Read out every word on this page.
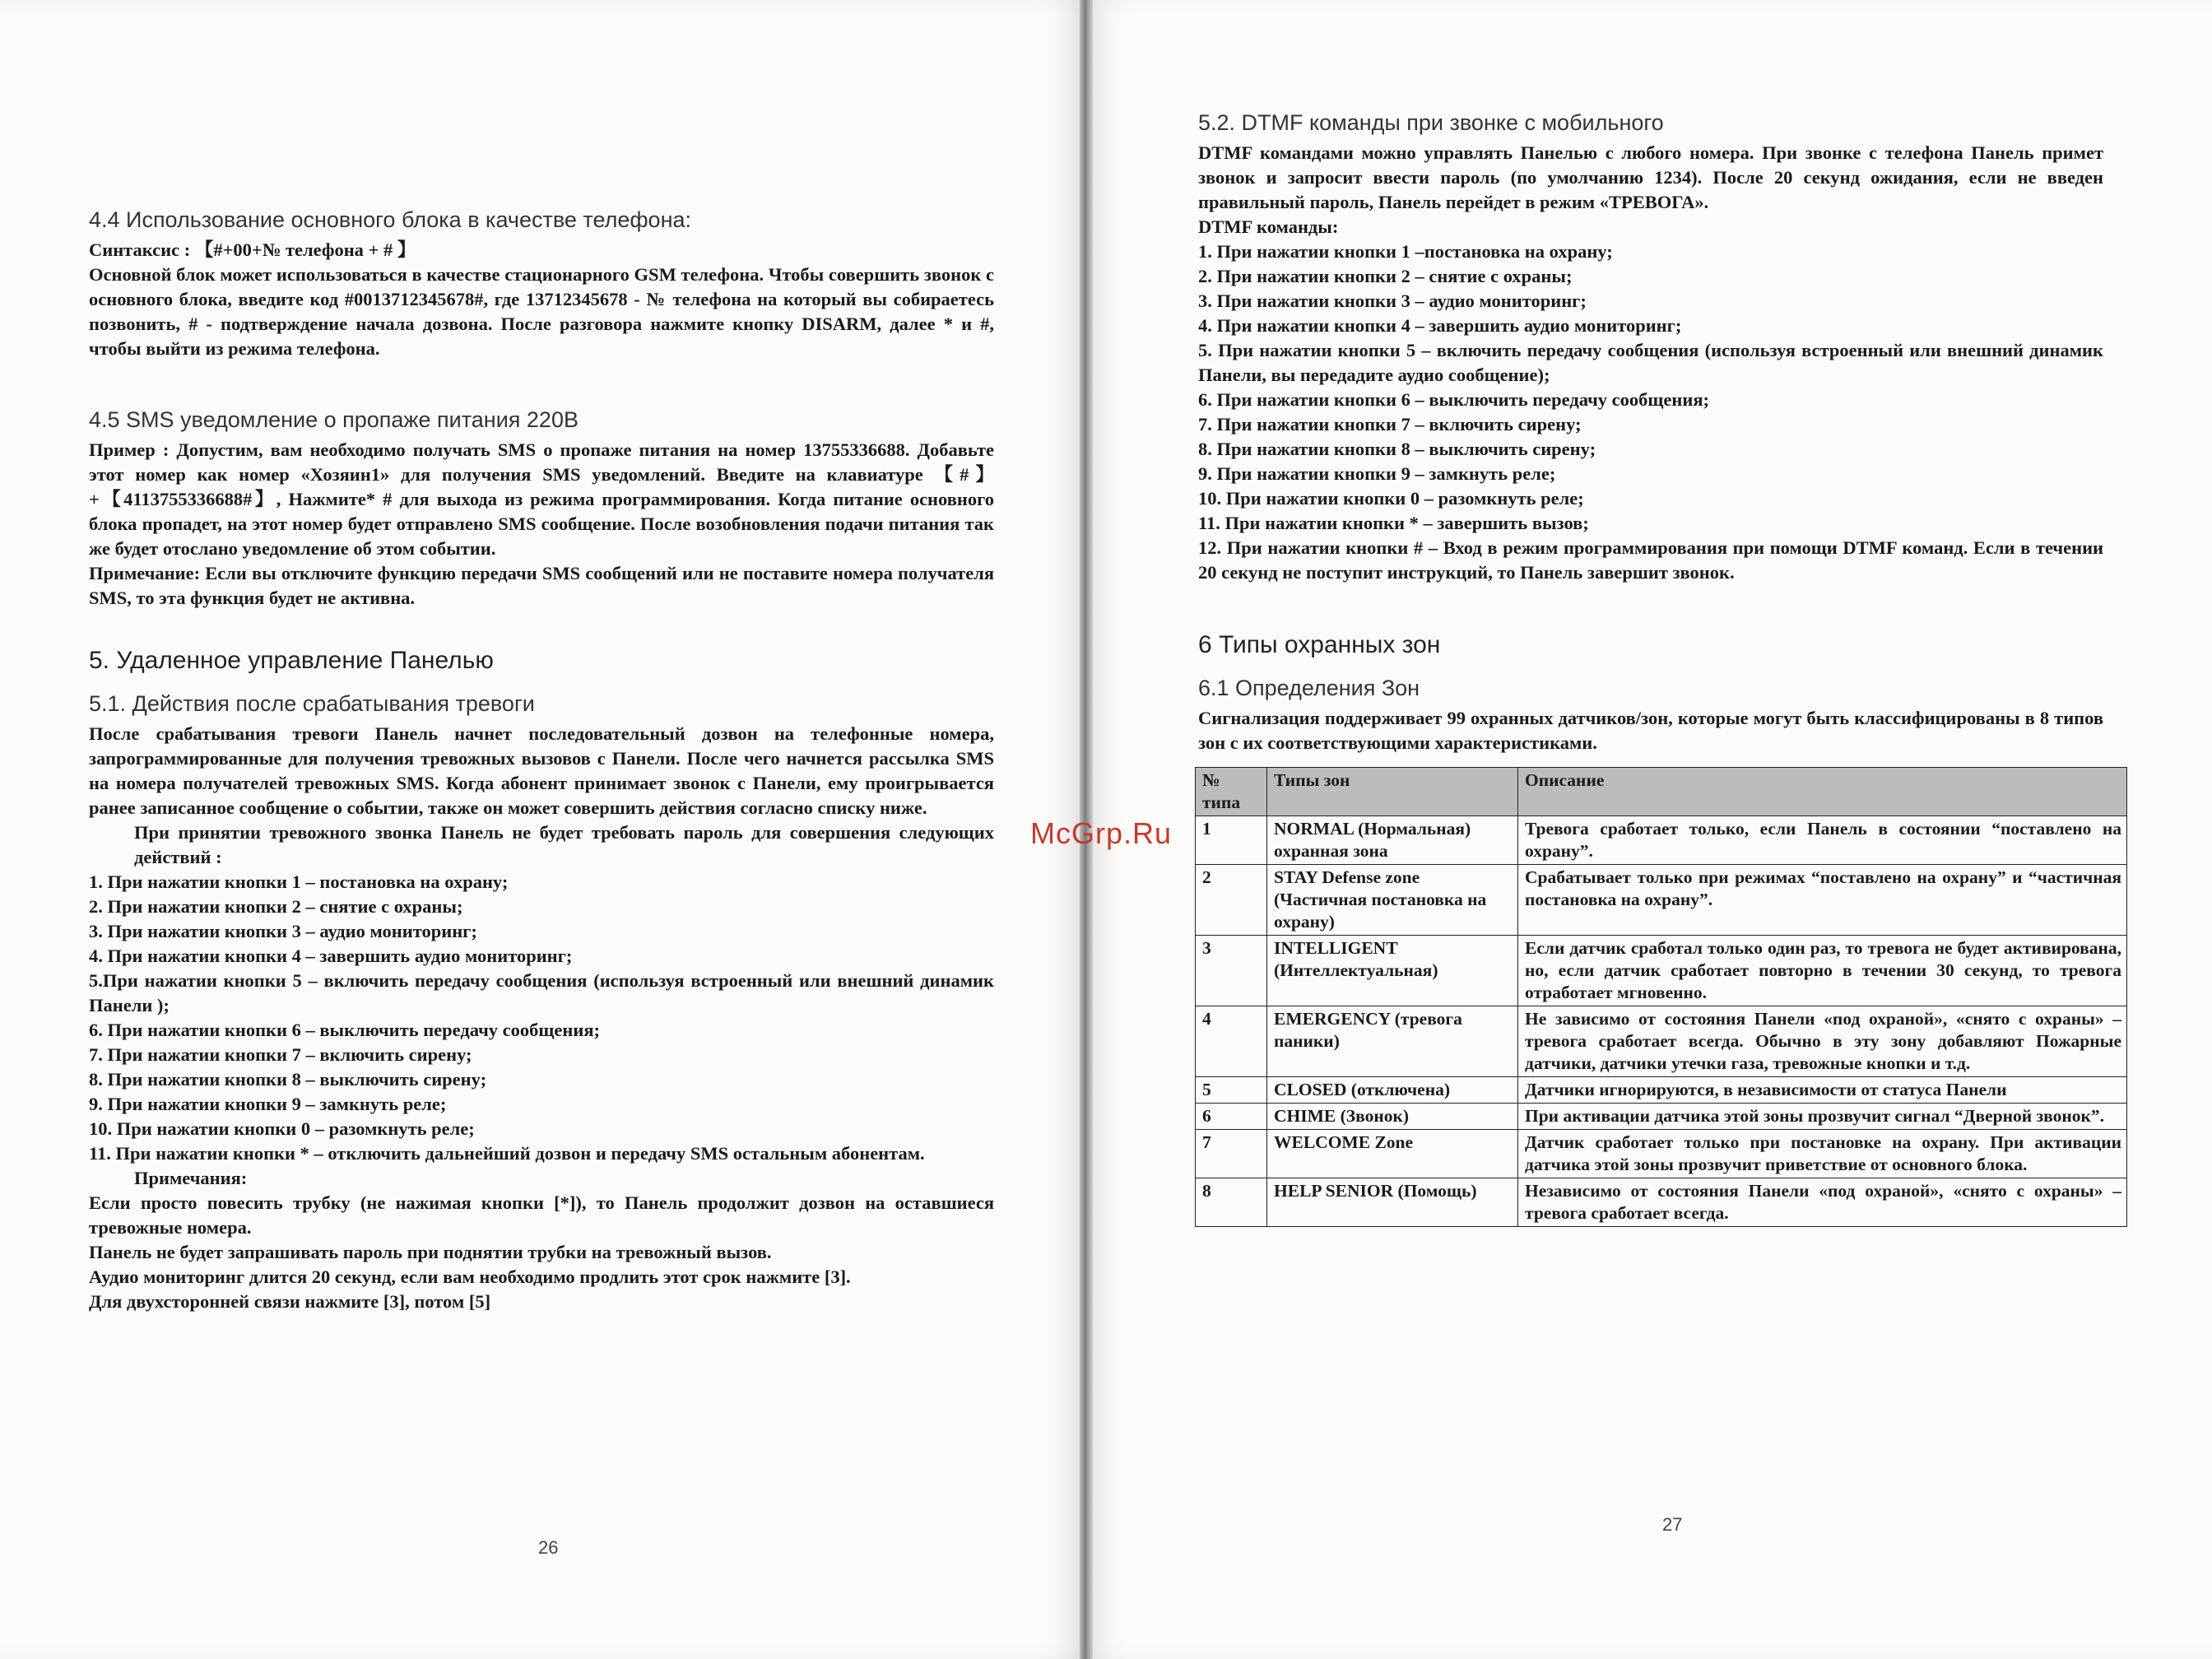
4.4 Использование основного блока в качестве телефона:

Синтаксис : 【#+00+№ телефона + # 】

Основной блок может использоваться в качестве стационарного GSM телефона. Чтобы совершить звонок с основного блока, введите код #0013712345678#, где 13712345678 - № телефона на который вы собираетесь позвонить, # - подтверждение начала дозвона. После разговора нажмите кнопку DISARM, далее * и #, чтобы выйти из режима телефона.

4.5 SMS уведомление о пропаже питания 220В

Пример : Допустим, вам необходимо получать SMS о пропаже питания на номер 13755336688. Добавьте этот номер как номер «Хозяин1» для получения SMS уведомлений. Введите на клавиатуре 【#】+【4113755336688#】, Нажмите* # для выхода из режима программирования. Когда питание основного блока пропадет, на этот номер будет отправлено SMS сообщение. После возобновления подачи питания так же будет отослано уведомление об этом событии.

Примечание: Если вы отключите функцию передачи SMS сообщений или не поставите номера получателя SMS, то эта функция будет не активна.

5. Удаленное управление Панелью
5.1. Действия после срабатывания тревоги

После срабатывания тревоги Панель начнет последовательный дозвон на телефонные номера, запрограммированные для получения тревожных вызовов с Панели. После чего начнется рассылка SMS на номера получателей тревожных SMS. Когда абонент принимает звонок с Панели, ему проигрывается ранее записанное сообщение о событии, также он может совершить действия согласно списку ниже.

При принятии тревожного звонка Панель не будет требовать пароль для совершения следующих действий :

1. При нажатии кнопки 1 – постановка на охрану;
2. При нажатии кнопки 2 – снятие с охраны;
3. При нажатии кнопки 3 – аудио мониторинг;
4. При нажатии кнопки 4 – завершить аудио мониторинг;
5.При нажатии кнопки 5 – включить передачу сообщения (используя встроенный или внешний динамик Панели );
6. При нажатии кнопки 6 – выключить передачу сообщения;
7. При нажатии кнопки 7 – включить сирену;
8. При нажатии кнопки 8 – выключить сирену;
9. При нажатии кнопки 9 – замкнуть реле;
10. При нажатии кнопки 0 – разомкнуть реле;
11. При нажатии кнопки * – отключить дальнейший дозвон и передачу SMS остальным абонентам.

Примечания:

Если просто повесить трубку (не нажимая кнопки [*]), то Панель продолжит дозвон на оставшиеся тревожные номера.

Панель не будет запрашивать пароль при поднятии трубки на тревожный вызов.

Аудио мониторинг длится 20 секунд, если вам необходимо продлить этот срок нажмите [3].

Для двухсторонней связи нажмите [3], потом [5]

26
5.2. DTMF команды при звонке с мобильного

DTMF командами можно управлять Панелью с любого номера. При звонке с телефона Панель примет звонок и запросит ввести пароль (по умолчанию 1234). После 20 секунд ожидания, если не введен правильный пароль, Панель перейдет в режим «ТРЕВОГА».

DTMF команды:

1. При нажатии кнопки 1 –постановка на охрану;
2. При нажатии кнопки 2 – снятие с охраны;
3. При нажатии кнопки 3 – аудио мониторинг;
4. При нажатии кнопки 4 – завершить аудио мониторинг;
5. При нажатии кнопки 5 – включить передачу сообщения (используя встроенный или внешний динамик Панели, вы передадите аудио сообщение);
6. При нажатии кнопки 6 – выключить передачу сообщения;
7. При нажатии кнопки 7 – включить сирену;
8. При нажатии кнопки 8 – выключить сирену;
9. При нажатии кнопки 9 – замкнуть реле;
10. При нажатии кнопки 0 – разомкнуть реле;
11. При нажатии кнопки * – завершить вызов;
12. При нажатии кнопки # – Вход в режим программирования при помощи DTMF команд. Если в течении 20 секунд не поступит инструкций, то Панель завершит звонок.
6 Типы охранных зон
6.1 Определения Зон

Сигнализация поддерживает 99 охранных датчиков/зон, которые могут быть классифицированы в 8 типов зон с их соответствующими характеристиками.

№ типа	Типы зон	Описание
1	NORMAL (Нормальная) охранная зона	Тревога сработает только, если Панель в состоянии “поставлено на охрану”.
2	STAY Defense zone (Частичная постановка на охрану)	Срабатывает только при режимах “поставлено на охрану” и “частичная постановка на охрану”.
3	INTELLIGENT (Интеллектуальная)	Если датчик сработал только один раз, то тревога не будет активирована, но, если датчик сработает повторно в течении 30 секунд, то тревога отработает мгновенно.
4	EMERGENCY (тревога паники)	Не зависимо от состояния Панели «под охраной», «снято с охраны» – тревога сработает всегда. Обычно в эту зону добавляют Пожарные датчики, датчики утечки газа, тревожные кнопки и т.д.
5	CLOSED (отключена)	Датчики игнорируются, в независимости от статуса Панели
6	CHIME (Звонок)	При активации датчика этой зоны прозвучит сигнал “Дверной звонок”.
7	WELCOME Zone	Датчик сработает только при постановке на охрану. При активации датчика этой зоны прозвучит приветствие от основного блока.
8	HELP SENIOR (Помощь)	Независимо от состояния Панели «под охраной», «снято с охраны» – тревога сработает всегда.
27
McGrp.Ru
